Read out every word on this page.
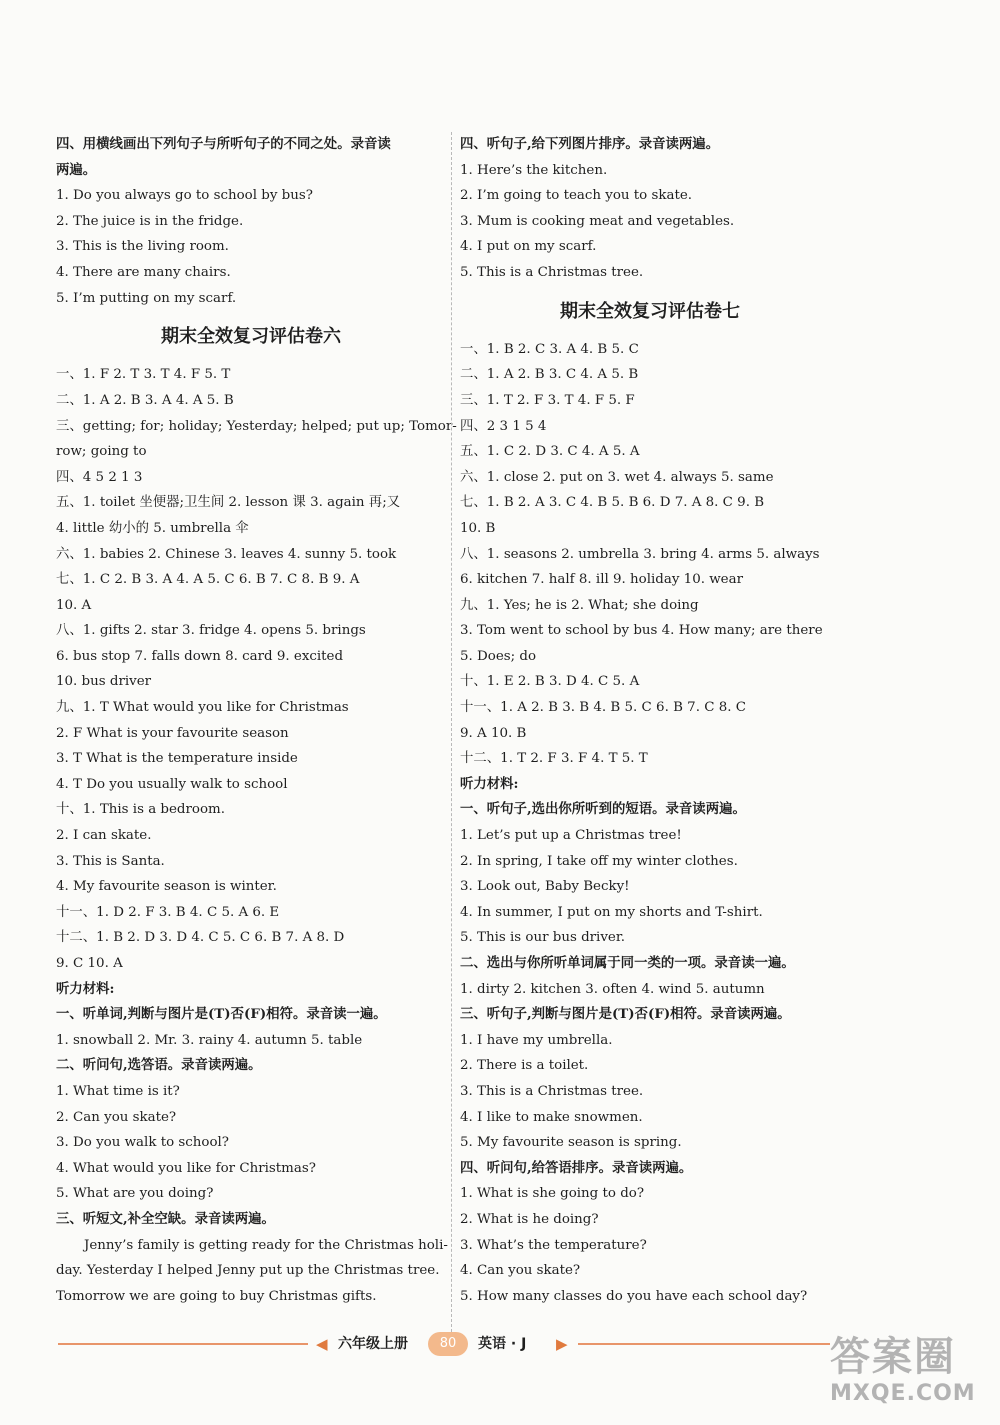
四、用横线画出下列句子与所听句子的不同之处。录音读
两遍。
1. Do you always go to school by bus?
2. The juice is in the fridge.
3. This is the living room.
4. There are many chairs.
5. I’m putting on my scarf.
期末全效复习评估卷六
一、1. F 2. T 3. T 4. F 5. T
二、1. A 2. B 3. A 4. A 5. B
三、getting; for; holiday; Yesterday; helped; put up; Tomor-
row; going to
四、4 5 2 1 3
五、1. toilet 坐便器;卫生间 2. lesson 课 3. again 再;又
4. little 幼小的 5. umbrella 伞
六、1. babies 2. Chinese 3. leaves 4. sunny 5. took
七、1. C 2. B 3. A 4. A 5. C 6. B 7. C 8. B 9. A
10. A
八、1. gifts 2. star 3. fridge 4. opens 5. brings
6. bus stop 7. falls down 8. card 9. excited
10. bus driver
九、1. T What would you like for Christmas
2. F What is your favourite season
3. T What is the temperature inside
4. T Do you usually walk to school
十、1. This is a bedroom.
2. I can skate.
3. This is Santa.
4. My favourite season is winter.
十一、1. D 2. F 3. B 4. C 5. A 6. E
十二、1. B 2. D 3. D 4. C 5. C 6. B 7. A 8. D
9. C 10. A
听力材料:
一、听单词,判断与图片是(T)否(F)相符。录音读一遍。
1. snowball 2. Mr. 3. rainy 4. autumn 5. table
二、听问句,选答语。录音读两遍。
1. What time is it?
2. Can you skate?
3. Do you walk to school?
4. What would you like for Christmas?
5. What are you doing?
三、听短文,补全空缺。录音读两遍。
Jenny’s family is getting ready for the Christmas holi-
day. Yesterday I helped Jenny put up the Christmas tree.
Tomorrow we are going to buy Christmas gifts.
四、听句子,给下列图片排序。录音读两遍。
1. Here’s the kitchen.
2. I’m going to teach you to skate.
3. Mum is cooking meat and vegetables.
4. I put on my scarf.
5. This is a Christmas tree.
期末全效复习评估卷七
一、1. B 2. C 3. A 4. B 5. C
二、1. A 2. B 3. C 4. A 5. B
三、1. T 2. F 3. T 4. F 5. F
四、2 3 1 5 4
五、1. C 2. D 3. C 4. A 5. A
六、1. close 2. put on 3. wet 4. always 5. same
七、1. B 2. A 3. C 4. B 5. B 6. D 7. A 8. C 9. B
10. B
八、1. seasons 2. umbrella 3. bring 4. arms 5. always
6. kitchen 7. half 8. ill 9. holiday 10. wear
九、1. Yes; he is 2. What; she doing
3. Tom went to school by bus 4. How many; are there
5. Does; do
十、1. E 2. B 3. D 4. C 5. A
十一、1. A 2. B 3. B 4. B 5. C 6. B 7. C 8. C
9. A 10. B
十二、1. T 2. F 3. F 4. T 5. T
听力材料:
一、听句子,选出你所听到的短语。录音读两遍。
1. Let’s put up a Christmas tree!
2. In spring, I take off my winter clothes.
3. Look out, Baby Becky!
4. In summer, I put on my shorts and T-shirt.
5. This is our bus driver.
二、选出与你所听单词属于同一类的一项。录音读一遍。
1. dirty 2. kitchen 3. often 4. wind 5. autumn
三、听句子,判断与图片是(T)否(F)相符。录音读两遍。
1. I have my umbrella.
2. There is a toilet.
3. This is a Christmas tree.
4. I like to make snowmen.
5. My favourite season is spring.
四、听问句,给答语排序。录音读两遍。
1. What is she going to do?
2. What is he doing?
3. What’s the temperature?
4. Can you skate?
5. How many classes do you have each school day?
◀ 六年级上册	80	英语 · J ▶	答案圈
MXQE.COM
